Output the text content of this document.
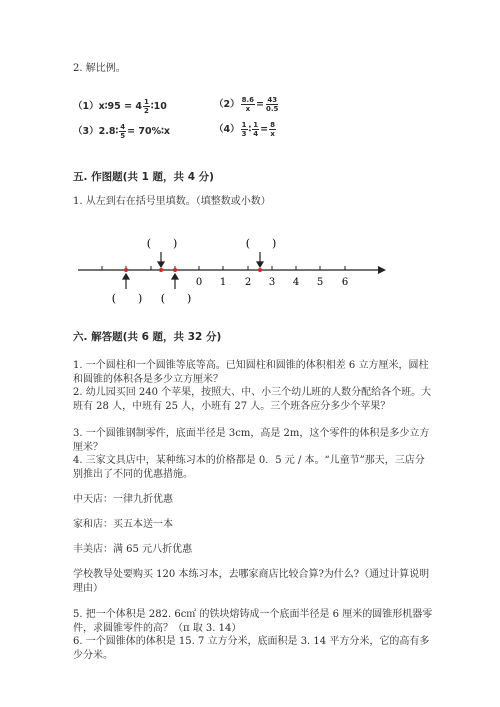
2. 解比例。
（1）x∶95 = $4 \frac{1}{2}$ ∶10	$(2) \frac{8.6}{x} = \frac{43}{0.5}$
（3）2.8∶ $\frac{4}{5}$ = 70%∶x	$(4) \frac{1}{3}$ ∶ $\frac{1}{4} = \frac{8}{x}$
五. 作图题(共 1 题，共 4 分)
1. 从左到右在括号里填数。（填整数或小数）
0 1 2 3 4 5 6
(　　)	(　　)
(　　) (　　)
六. 解答题(共 6 题，共 32 分)
1. 一个圆柱和一个圆锥等底等高。已知圆柱和圆锥的体积相差 6 立方厘米，圆柱和圆锥的体积各是多少立方厘米？
2. 幼儿园买回 240 个苹果，按照大、中、小三个幼儿班的人数分配给各个班。大班有 28 人，中班有 25 人，小班有 27 人。三个班各应分多少个苹果？
3. 一个圆锥钢制零件，底面半径是 3cm，高是 2m，这个零件的体积是多少立方厘米？
4. 三家文具店中，某种练习本的价格都是 0．5 元 / 本。“儿童节”那天，三店分别推出了不同的优惠措施。
中天店：一律九折优惠
家和店：买五本送一本
丰美店：满 65 元八折优惠
学校教导处要购买 120 本练习本，去哪家商店比较合算?为什么?（通过计算说明理由）
5. 把一个体积是 282. 6c㎡ 的铁块熔铸成一个底面半径是 6 厘米的圆锥形机器零件，求圆锥零件的高？（π 取 3. 14）
6. 一个圆锥体的体积是 15. 7 立方分米，底面积是 3. 14 平方分米，它的高有多少分米。
